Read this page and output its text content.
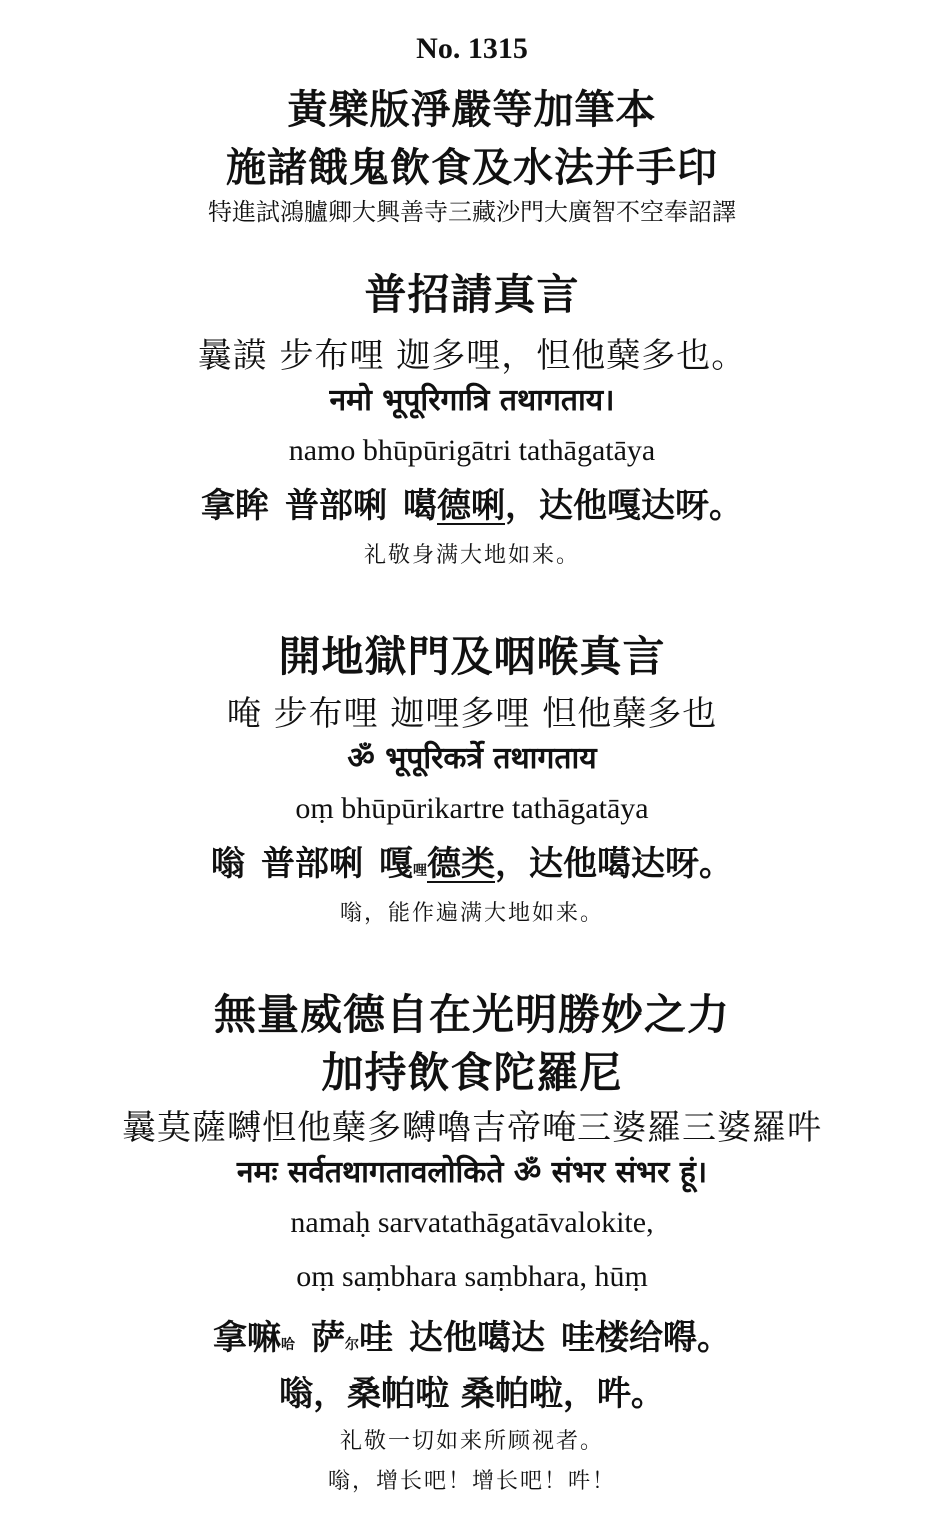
No. 1315
黃檗版淨嚴等加筆本
施諸餓鬼飲食及水法并手印
特進試鴻臚卿大興善寺三藏沙門大廣智不空奉詔譯
普招請真言
曩謨 步布哩 迦多哩，怛他蘖多也。
नमो भूपूरिगात्रि तथागताय।
namo bhūpūrigātri tathāgatāya
拿眸 普部唎 噶德唎，达他嘎达呀。
礼敬身满大地如来。
開地獄門及咽喉真言
唵 步布哩 迦哩多哩 怛他蘖多也
ॐ भूपूरिकर्त्रे तथागताय
oṃ bhūpūrikartre tathāgatāya
嗡 普部唎 嘎哩德类，达他噶达呀。
嗡，能作遍满大地如来。
無量威德自在光明勝妙之力
加持飲食陀羅尼
曩莫薩嚩怛他蘖多嚩嚕吉帝唵三婆羅三婆羅吽
नमः सर्वतथागतावलोकिते ॐ संभर संभर हूं।
namaḥ sarvatathāgatāvalokite,
oṃ saṃbhara saṃbhara, hūṃ
拿嘛哈 萨尔哇 达他噶达 哇楼给嘚。
嗡，桑帕啦 桑帕啦，吽。
礼敬一切如来所顾视者。
嗡，增长吧！增长吧！吽！
